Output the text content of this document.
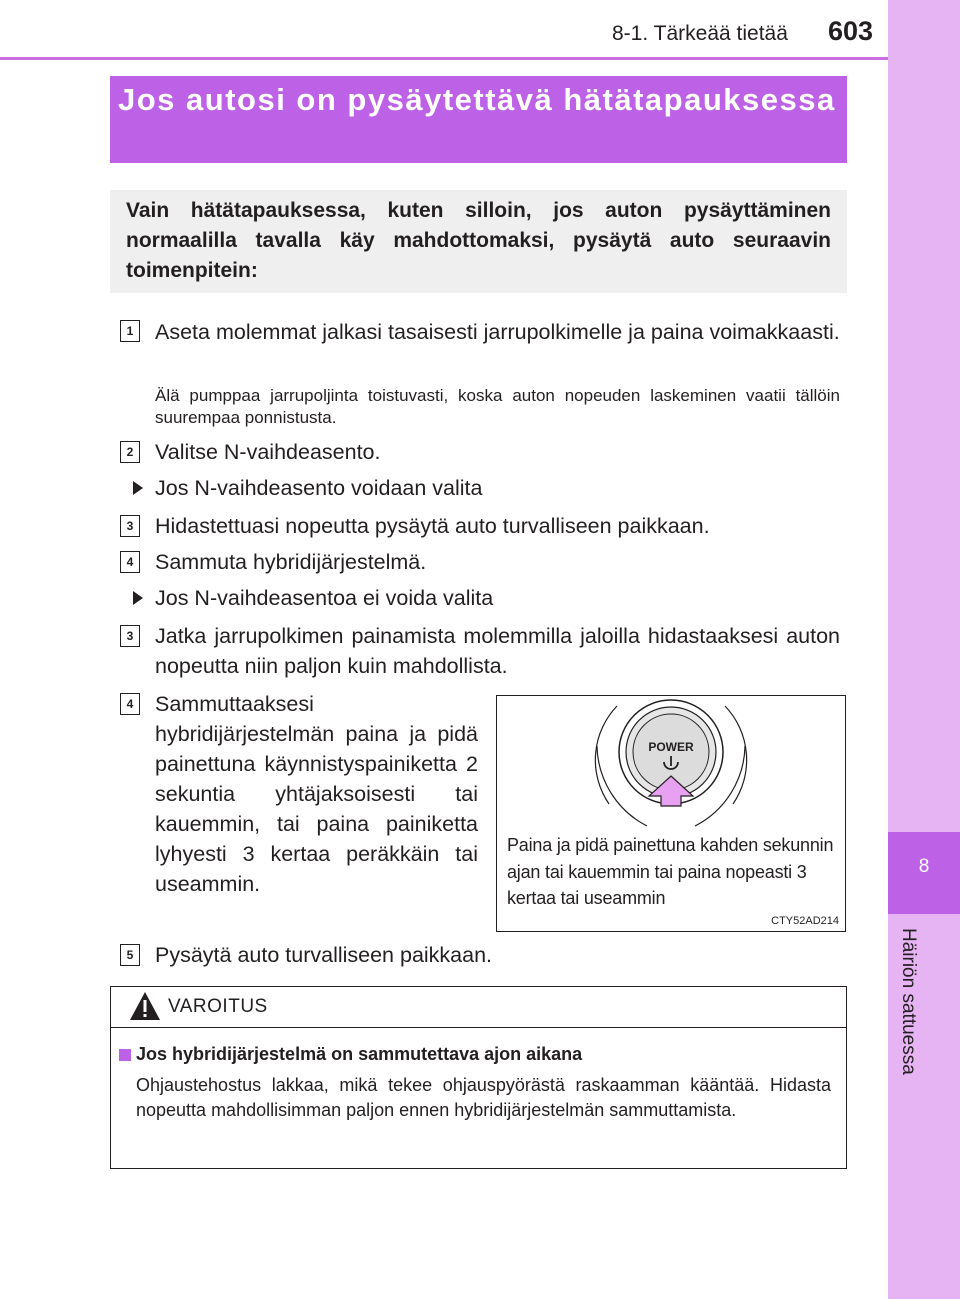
8-1. Tärkeää tietää 603
8
Häiriön sattuessa
Jos autosi on pysäytettävä hätätapauksessa

Vain hätätapauksessa, kuten silloin, jos auton pysäyttäminen normaalilla tavalla käy mahdottomaksi, pysäytä auto seuraavin toimenpitein:

1	Aseta molemmat jalkasi tasaisesti jarrupolkimelle ja paina voimakkaasti.

Älä pumppaa jarrupoljinta toistuvasti, koska auton nopeuden laskeminen vaatii tällöin suurempaa ponnistusta.

2	Valitse N-vaihdeasento.

Jos N-vaihdeasento voidaan valita

3	Hidastettuasi nopeutta pysäytä auto turvalliseen paikkaan.

4	Sammuta hybridijärjestelmä.

Jos N-vaihdeasentoa ei voida valita

3	Jatka jarrupolkimen painamista molemmilla jaloilla hidastaaksesi auton nopeutta niin paljon kuin mahdollista.

4	Sammuttaaksesi hybridijärjestelmän paina ja pidä painettuna käynnistyspainiketta 2 sekuntia yhtäjaksoisesti tai kauemmin, tai paina painiketta lyhyesti 3 kertaa peräkkäin tai useammin.

POWER

Paina ja pidä painettuna kahden sekunnin ajan tai kauemmin tai paina nopeasti 3 kertaa tai useammin

CTY52AD214
5	Pysäytä auto turvalliseen paikkaan.

VAROITUS

Jos hybridijärjestelmä on sammutettava ajon aikana

Ohjaustehostus lakkaa, mikä tekee ohjauspyörästä raskaamman kääntää. Hidasta nopeutta mahdollisimman paljon ennen hybridijärjestelmän sammuttamista.
